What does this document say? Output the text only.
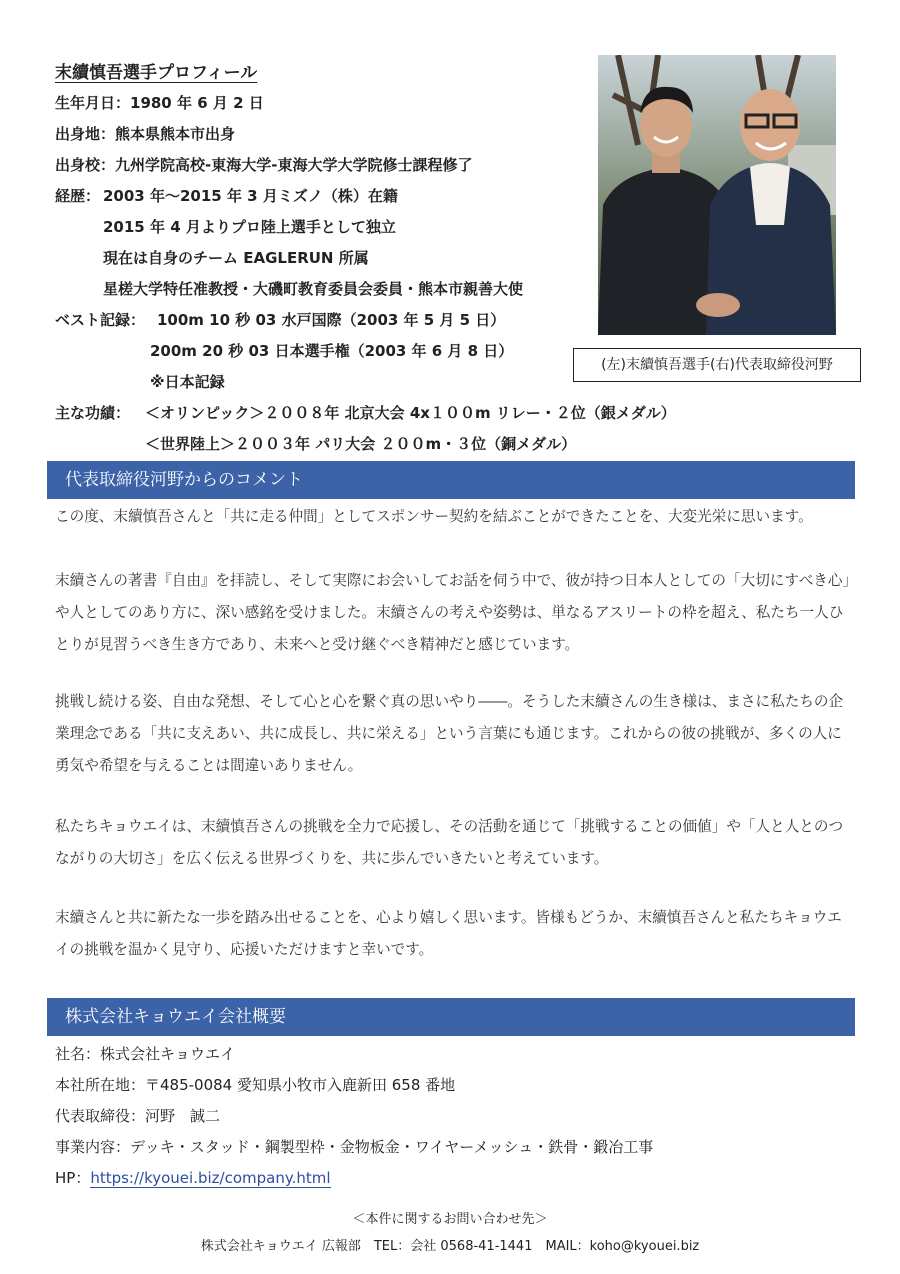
末續慎吾選手プロフィール
生年月日：1980 年 6 月 2 日
出身地：熊本県熊本市出身
出身校：九州学院高校-東海大学-東海大学大学院修士課程修了
経歴： 2003 年～2015 年 3 月ミズノ（株）在籍
2015 年 4 月よりプロ陸上選手として独立
現在は自身のチーム EAGLERUN 所属
星槎大学特任准教授・大磯町教育委員会委員・熊本市親善大使
ベスト記録： 100m 10 秒 03 水戸国際（2003 年 5 月 5 日）
200m 20 秒 03 日本選手権（2003 年 6 月 8 日）
※日本記録
主な功績： ＜オリンピック＞２００８年 北京大会 4x１００m リレー・２位（銀メダル）
＜世界陸上＞２００３年 パリ大会 ２００m・３位（銅メダル）
(左)末續慎吾選手(右)代表取締役河野
代表取締役河野からのコメント
この度、末續慎吾さんと「共に走る仲間」としてスポンサー契約を結ぶことができたことを、大変光栄に思います。
末續さんの著書『自由』を拝読し、そして実際にお会いしてお話を伺う中で、彼が持つ日本人としての「大切にすべき心」や人としてのあり方に、深い感銘を受けました。末續さんの考えや姿勢は、単なるアスリートの枠を超え、私たち一人ひとりが見習うべき生き方であり、未来へと受け継ぐべき精神だと感じています。
挑戦し続ける姿、自由な発想、そして心と心を繋ぐ真の思いやり――。そうした末續さんの生き様は、まさに私たちの企業理念である「共に支えあい、共に成長し、共に栄える」という言葉にも通じます。これからの彼の挑戦が、多くの人に勇気や希望を与えることは間違いありません。
私たちキョウエイは、末續慎吾さんの挑戦を全力で応援し、その活動を通じて「挑戦することの価値」や「人と人とのつながりの大切さ」を広く伝える世界づくりを、共に歩んでいきたいと考えています。
末續さんと共に新たな一歩を踏み出せることを、心より嬉しく思います。皆様もどうか、末續慎吾さんと私たちキョウエイの挑戦を温かく見守り、応援いただけますと幸いです。
株式会社キョウエイ会社概要
社名：株式会社キョウエイ
本社所在地：〒485-0084 愛知県小牧市入鹿新田 658 番地
代表取締役：河野　誠二
事業内容：デッキ・スタッド・鋼製型枠・金物板金・ワイヤーメッシュ・鉄骨・鍛冶工事
HP：https://kyouei.biz/company.html
＜本件に関するお問い合わせ先＞
株式会社キョウエイ 広報部　TEL：会社 0568-41-1441　MAIL：koho@kyouei.biz
